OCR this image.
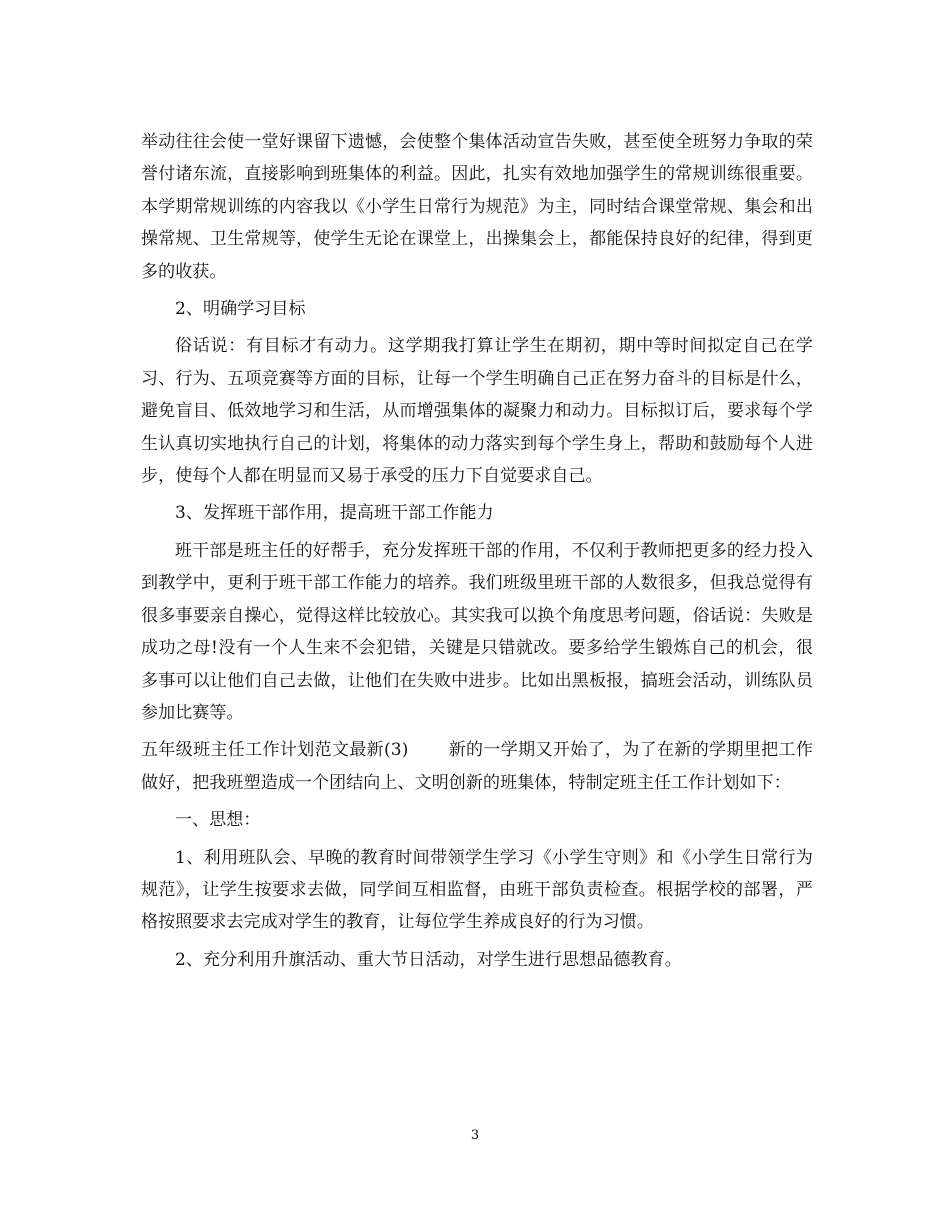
举动往往会使一堂好课留下遗憾，会使整个集体活动宣告失败，甚至使全班努力争取的荣誉付诸东流，直接影响到班集体的利益。因此，扎实有效地加强学生的常规训练很重要。本学期常规训练的内容我以《小学生日常行为规范》为主，同时结合课堂常规、集会和出操常规、卫生常规等，使学生无论在课堂上，出操集会上，都能保持良好的纪律，得到更多的收获。

2、明确学习目标

俗话说：有目标才有动力。这学期我打算让学生在期初，期中等时间拟定自己在学习、行为、五项竞赛等方面的目标，让每一个学生明确自己正在努力奋斗的目标是什么，避免盲目、低效地学习和生活，从而增强集体的凝聚力和动力。目标拟订后，要求每个学生认真切实地执行自己的计划，将集体的动力落实到每个学生身上，帮助和鼓励每个人进步，使每个人都在明显而又易于承受的压力下自觉要求自己。

3、发挥班干部作用，提高班干部工作能力

班干部是班主任的好帮手，充分发挥班干部的作用，不仅利于教师把更多的经力投入到教学中，更利于班干部工作能力的培养。我们班级里班干部的人数很多，但我总觉得有很多事要亲自操心，觉得这样比较放心。其实我可以换个角度思考问题，俗话说：失败是成功之母!没有一个人生来不会犯错，关键是只错就改。要多给学生锻炼自己的机会，很多事可以让他们自己去做，让他们在失败中进步。比如出黑板报，搞班会活动，训练队员参加比赛等。

五年级班主任工作计划范文最新(3) 新的一学期又开始了，为了在新的学期里把工作做好，把我班塑造成一个团结向上、文明创新的班集体，特制定班主任工作计划如下：

一、思想：

1、利用班队会、早晚的教育时间带领学生学习《小学生守则》和《小学生日常行为规范》，让学生按要求去做，同学间互相监督，由班干部负责检查。根据学校的部署，严格按照要求去完成对学生的教育，让每位学生养成良好的行为习惯。

2、充分利用升旗活动、重大节日活动，对学生进行思想品德教育。

3
